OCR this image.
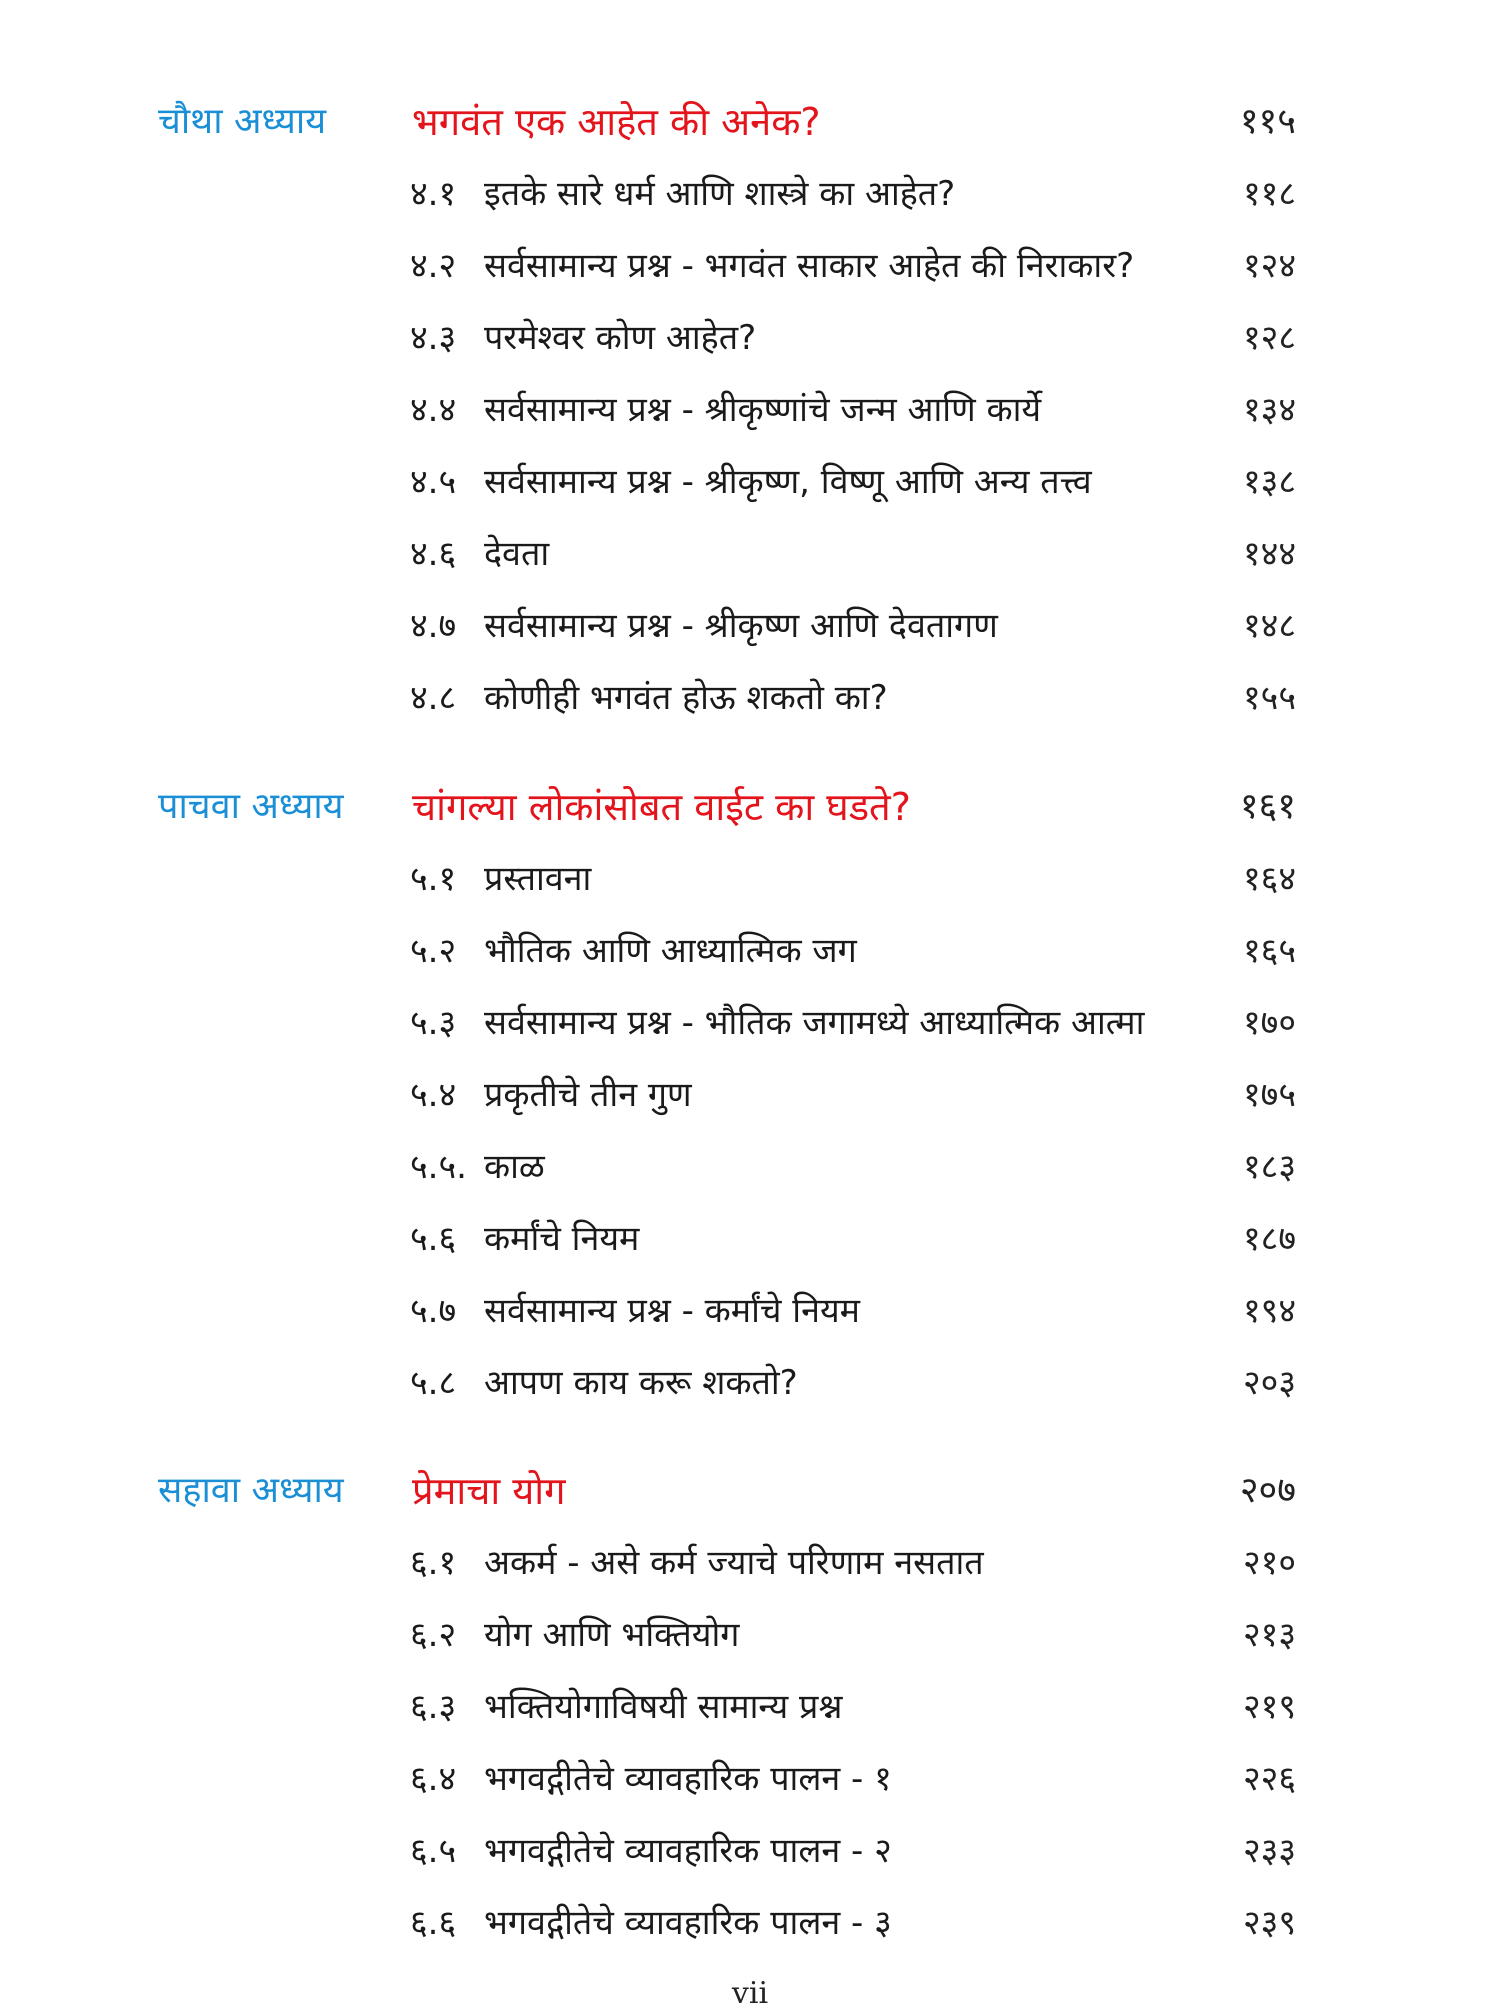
चौथा अध्याय भगवंत एक आहेत की अनेक?	११५
४.१ इतके सारे धर्म आणि शास्त्रे का आहेत?	११८
४.२ सर्वसामान्य प्रश्न - भगवंत साकार आहेत की निराकार?	१२४
४.३ परमेश्वर कोण आहेत?	१२८
४.४ सर्वसामान्य प्रश्न - श्रीकृष्णांचे जन्म आणि कार्ये	१३४
४.५ सर्वसामान्य प्रश्न - श्रीकृष्ण, विष्णू आणि अन्य तत्त्व	१३८
४.६ देवता	१४४
४.७ सर्वसामान्य प्रश्न - श्रीकृष्ण आणि देवतागण	१४८
४.८ कोणीही भगवंत होऊ शकतो का?	१५५
पाचवा अध्याय चांगल्या लोकांसोबत वाईट का घडते?	१६१
५.१ प्रस्तावना	१६४
५.२ भौतिक आणि आध्यात्मिक जग	१६५
५.३ सर्वसामान्य प्रश्न - भौतिक जगामध्ये आध्यात्मिक आत्मा	१७०
५.४ प्रकृतीचे तीन गुण	१७५
५.५. काळ	१८३
५.६ कर्मांचे नियम	१८७
५.७ सर्वसामान्य प्रश्न - कर्मांचे नियम	१९४
५.८ आपण काय करू शकतो?	२०३
सहावा अध्याय प्रेमाचा योग	२०७
६.१ अकर्म - असे कर्म ज्याचे परिणाम नसतात	२१०
६.२ योग आणि भक्तियोग	२१३
६.३ भक्तियोगाविषयी सामान्य प्रश्न	२१९
६.४ भगवद्गीतेचे व्यावहारिक पालन - १	२२६
६.५ भगवद्गीतेचे व्यावहारिक पालन - २	२३३
६.६ भगवद्गीतेचे व्यावहारिक पालन - ३	२३९
vii
